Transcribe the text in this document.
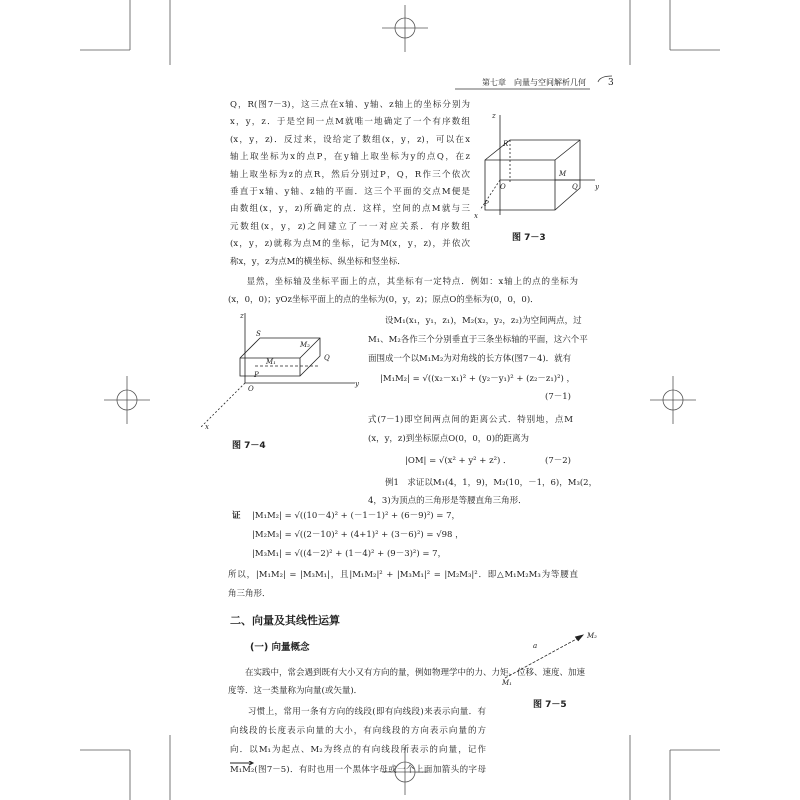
第七章　向量与空间解析几何 3
Q，R(图7－3)，这三点在x轴、y轴、z轴上的坐标分别为
x，y，z．于是空间一点M就唯一地确定了一个有序数组
(x，y，z)．反过来，设给定了数组(x，y，z)，可以在x
轴上取坐标为x的点P，在y轴上取坐标为y的点Q，在z
轴上取坐标为z的点R，然后分别过P，Q，R作三个依次
垂直于x轴、y轴、z轴的平面．这三个平面的交点M便是
由数组(x，y，z)所确定的点．这样，空间的点M就与三
元数组(x，y，z)之间建立了一一对应关系．有序数组
(x，y，z)就称为点M的坐标，记为M(x，y，z)，并依次
称x，y，z为点M的横坐标、纵坐标和竖坐标．
　　显然，坐标轴及坐标平面上的点，其坐标有一定特点．例如：x轴上的点的坐标为
(x，0，0)；yOz坐标平面上的点的坐标为(0，y，z)；原点O的坐标为(0，0，0)．
　　设M₁(x₁，y₁，z₁)，M₂(x₂，y₂，z₂)为空间两点，过
M₁、M₂各作三个分别垂直于三条坐标轴的平面，这六个平
面围成一个以M₁M₂为对角线的长方体(图7－4)．就有
|M₁M₂| = √((x₂－x₁)² + (y₂－y₁)² + (z₂－z₁)²) ，
(7－1)
式(7－1)即空间两点间的距离公式．特别地，点M
(x，y，z)到坐标原点O(0，0，0)的距离为
|OM| = √(x² + y² + z²) ．	(7－2)
　　例1　求证以M₁(4，1，9)，M₂(10，－1，6)，M₃(2，
4，3)为顶点的三角形是等腰直角三角形．
证 |M₁M₂| = √((10－4)² + (－1－1)² + (6－9)²) = 7，
|M₂M₃| = √((2－10)² + (4+1)² + (3－6)²) = √98 ，
|M₃M₁| = √((4－2)² + (1－4)² + (9－3)²) = 7，
所以，|M₁M₂| = |M₃M₁|，且|M₁M₂|² + |M₃M₁|² = |M₂M₃|²．即△M₁M₂M₃为等腰直
角三角形．
二、向量及其线性运算
(一) 向量概念
　　在实践中，常会遇到既有大小又有方向的量，例如物理学中的力、力矩、位移、速度、加速
度等．这一类量称为向量(或矢量)．
　　习惯上，常用一条有方向的线段(即有向线段)来表示向量．有
向线段的长度表示向量的大小，有向线段的方向表示向量的方
向．以M₁为起点、M₂为终点的有向线段所表示的向量，记作
M₁M₂(图7－5)．有时也用一个黑体字母或一个上面加箭头的字母
z
y
x
R
M
Q
O
P
图 7－3
z
y
x
S
M₂
M₁	Q
P
O
图 7－4
a
M₁
M₂
图 7－5
